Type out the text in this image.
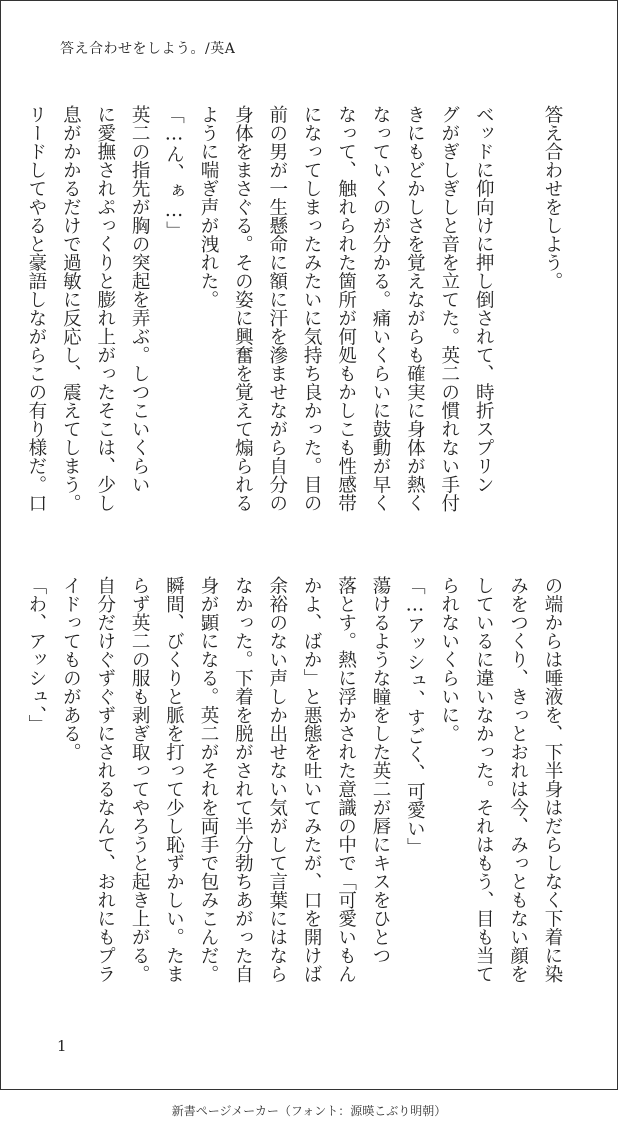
答え合わせをしよう。/英A
答え合わせをしよう。

ベッドに仰向けに押し倒されて、時折スプリン
グがぎしぎしと音を立てた。英二の慣れない手付
きにもどかしさを覚えながらも確実に身体が熱く
なっていくのが分かる。痛いくらいに鼓動が早く
なって、触れられた箇所が何処もかしこも性感帯
になってしまったみたいに気持ち良かった。目の
前の男が一生懸命に額に汗を滲ませながら自分の
身体をまさぐる。その姿に興奮を覚えて煽られる
ように喘ぎ声が洩れた。
「…ん、ぁ…」
英二の指先が胸の突起を弄ぶ。しつこいくらい
に愛撫されぷっくりと膨れ上がったそこは、少し
息がかかるだけで過敏に反応し、震えてしまう。
リードしてやると豪語しながらこの有り様だ。口
の端からは唾液を、下半身はだらしなく下着に染
みをつくり、きっとおれは今、みっともない顔を
しているに違いなかった。それはもう、目も当て
られないくらいに。
「…アッシュ、すごく、可愛い」
蕩けるような瞳をした英二が唇にキスをひとつ
落とす。熱に浮かされた意識の中で「可愛いもん
かよ、ばか」と悪態を吐いてみたが、口を開けば
余裕のない声しか出せない気がして言葉にはなら
なかった。下着を脱がされて半分勃ちあがった自
身が顕になる。英二がそれを両手で包みこんだ。
瞬間、びくりと脈を打って少し恥ずかしい。たま
らず英二の服も剥ぎ取ってやろうと起き上がる。
自分だけぐずぐずにされるなんて、おれにもプラ
イドってものがある。
「わ、アッシュ、」
1
新書ページメーカー（フォント：源暎こぶり明朝）
